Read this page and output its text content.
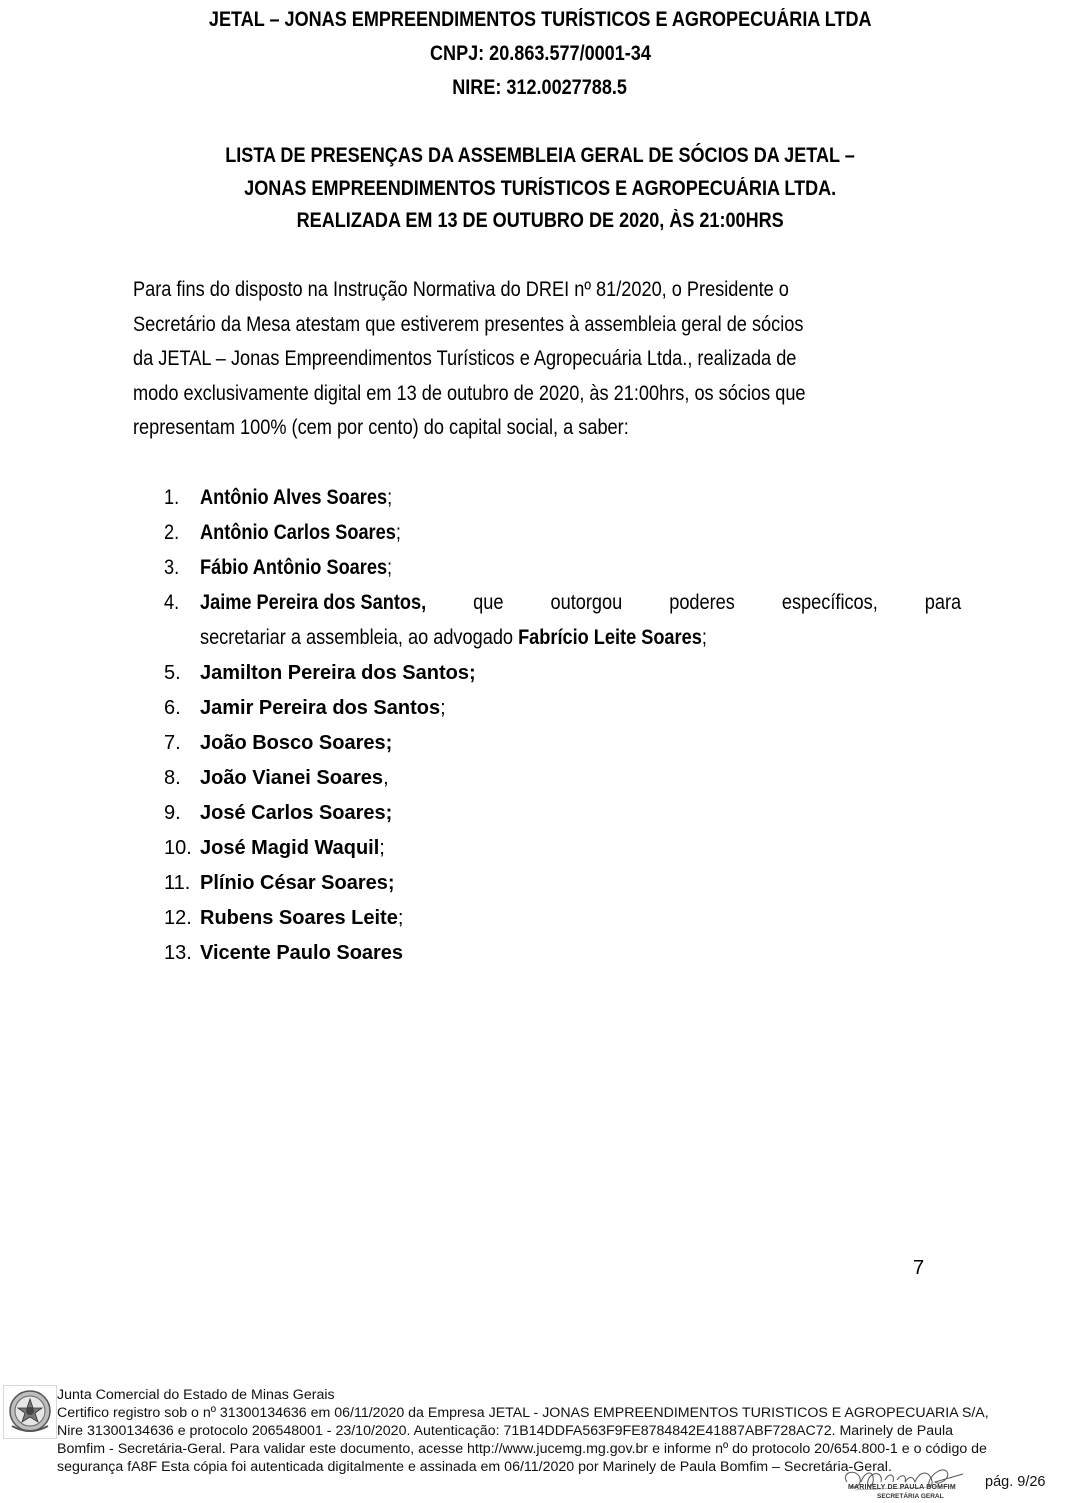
JETAL – JONAS EMPREENDIMENTOS TURÍSTICOS E AGROPECUÁRIA LTDA
CNPJ: 20.863.577/0001-34
NIRE: 312.0027788.5
LISTA DE PRESENÇAS DA ASSEMBLEIA GERAL DE SÓCIOS DA JETAL –
JONAS EMPREENDIMENTOS TURÍSTICOS E AGROPECUÁRIA LTDA.
REALIZADA EM 13 DE OUTUBRO DE 2020, ÀS 21:00HRS
Para fins do disposto na Instrução Normativa do DREI nº 81/2020, o Presidente o
Secretário da Mesa atestam que estiverem presentes à assembleia geral de sócios
da JETAL – Jonas Empreendimentos Turísticos e Agropecuária Ltda., realizada de
modo exclusivamente digital em 13 de outubro de 2020, às 21:00hrs, os sócios que
representam 100% (cem por cento) do capital social, a saber:
1. Antônio Alves Soares;
2. Antônio Carlos Soares;
3. Fábio Antônio Soares;
4. Jaime Pereira dos Santos, que outorgou poderes específicos, para
secretariar a assembleia, ao advogado Fabrício Leite Soares;
5. Jamilton Pereira dos Santos;
6. Jamir Pereira dos Santos;
7. João Bosco Soares;
8. João Vianei Soares,
9. José Carlos Soares;
10. José Magid Waquil;
11. Plínio César Soares;
12. Rubens Soares Leite;
13. Vicente Paulo Soares
7
Junta Comercial do Estado de Minas Gerais
Certifico registro sob o nº 31300134636 em 06/11/2020 da Empresa JETAL - JONAS EMPREENDIMENTOS TURISTICOS E AGROPECUARIA S/A,
Nire 31300134636 e protocolo 206548001 - 23/10/2020. Autenticação: 71B14DDFA563F9FE8784842E41887ABF728AC72. Marinely de Paula
Bomfim - Secretária-Geral. Para validar este documento, acesse http://www.jucemg.mg.gov.br e informe nº do protocolo 20/654.800-1 e o código de
segurança fA8F Esta cópia foi autenticada digitalmente e assinada em 06/11/2020 por Marinely de Paula Bomfim – Secretária-Geral.
MARINELY DE PAULA BOMFIM
SECRETÁRIA GERAL
pág. 9/26
